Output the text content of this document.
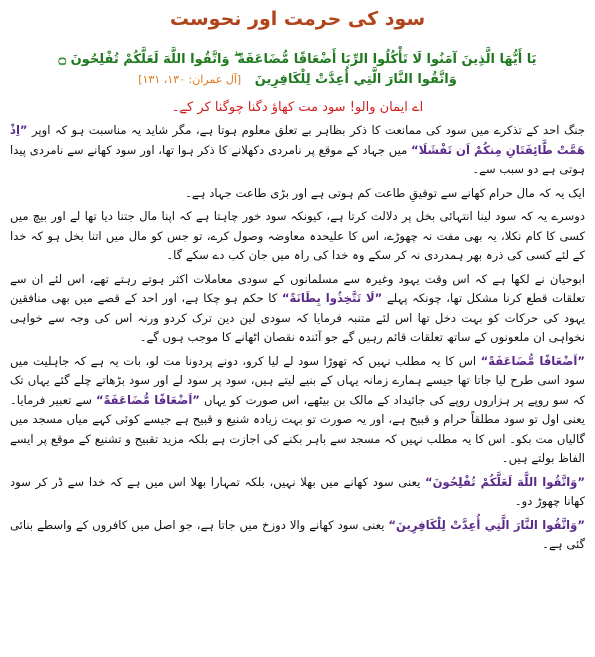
سود کی حرمت اور نحوست
يَا أَيُّهَا الَّذِينَ آمَنُوا لَا تَأْكُلُوا الرِّبَا أَضْعَافًا مُّضَاعَفَةً ۖ وَاتَّقُوا اللَّهَ لَعَلَّكُمْ تُفْلِحُونَ ۝
وَاتَّقُوا النَّارَ الَّتِي أُعِدَّتْ لِلْكَافِرِينَ   [آل عمران: ۱۳۰، ۱۳۱]
اے ایمان والو! سود مت کھاؤ دگنا چوگنا کر کے۔

جنگ احد کے تذکرے میں سود کی ممانعت کا ذکر بظاہر بے تعلق معلوم ہوتا ہے، مگر شاید یہ مناسبت ہو کہ اوپر ”اِذْ هَمَّتْ طَّائِفَتَانِ مِنكُمْ اَن تَفْشَلَا“ میں جہاد کے موقع پر نامردی دکھلانے کا ذکر ہوا تھا، اور سود کھانے سے نامردی پیدا ہوتی ہے دو سبب سے۔

ایک یہ کہ مال حرام کھانے سے توفیقِ طاعت کم ہوتی ہے اور بڑی طاعت جہاد ہے۔

دوسرے یہ کہ سود لینا انتہائی بخل پر دلالت کرتا ہے، کیونکہ سود خور چاہتا ہے کہ اپنا مال جتنا دیا تھا لے اور بیچ میں کسی کا کام نکلا، یہ بھی مفت نہ چھوڑے، اس کا علیحدہ معاوضہ وصول کرے، تو جس کو مال میں اتنا بخل ہو کہ خدا کے لئے کسی کی ذرہ بھر ہمدردی نہ کر سکے وہ خدا کی راہ میں جان کب دے سکے گا۔

ابوحیان نے لکھا ہے کہ اس وقت یہود وغیرہ سے مسلمانوں کے سودی معاملات اکثر ہوتے رہتے تھے، اس لئے ان سے تعلقات قطع کرنا مشکل تھا، چونکہ پہلے ”لَا تَتَّخِذُوا بِطَانَةً“ کا حکم ہو چکا ہے، اور احد کے قصے میں بھی منافقین یہود کی حرکات کو بہت دخل تھا اس لئے متنبہ فرمایا کہ سودی لین دین ترک کردو ورنہ اس کی وجہ سے خواہی نخواہی ان ملعونوں کے ساتھ تعلقات قائم رہیں گے جو آئندہ نقصان اٹھانے کا موجب ہوں گے۔

”اَضْعَافًا مُّضَاعَفَةً“ اس کا یہ مطلب نہیں کہ تھوڑا سود لے لیا کرو، دونے پردونا مت لو، بات یہ ہے کہ جاہلیت میں سود اسی طرح لیا جاتا تھا جیسے ہمارے زمانہ یہاں کے بنیے لیتے ہیں، سود پر سود لے اور سود بڑھاتے چلے گئے یہاں تک کہ سو روپے پر ہزاروں روپے کی جائیداد کے مالک بن بیٹھے، اس صورت کو یہاں ”اَضْعَافًا مُّضَاعَفَةً“ سے تعبیر فرمایا۔ یعنی اول تو سود مطلقاً حرام و قبیح ہے، اور یہ صورت تو بہت زیادہ شنیع و قبیح ہے جیسے کوئی کہے میاں مسجد میں گالیاں مت بکو۔ اس کا یہ مطلب نہیں کہ مسجد سے باہر بکنے کی اجازت ہے بلکہ مزید تقبیح و تشنیع کے موقع پر ایسے الفاظ بولتے ہیں۔

”وَاتَّقُوا اللَّهَ لَعَلَّكُمْ تُفْلِحُونَ“ یعنی سود کھانے میں بھلا نہیں، بلکہ تمہارا بھلا اس میں ہے کہ خدا سے ڈر کر سود کھانا چھوڑ دو۔

”وَاتَّقُوا النَّارَ الَّتِي أُعِدَّتْ لِلْكَافِرِينَ“ یعنی سود کھانے والا دوزخ میں جاتا ہے، جو اصل میں کافروں کے واسطے بنائی گئی ہے۔
